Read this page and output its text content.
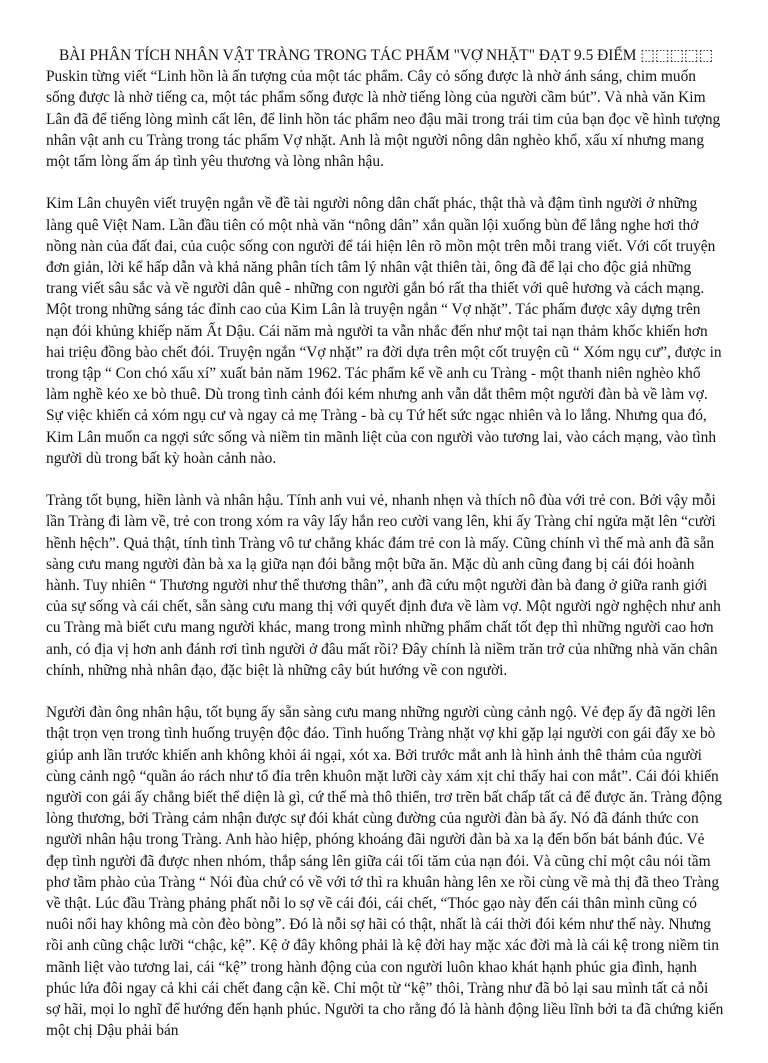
BÀI PHÂN TÍCH NHÂN VẬT TRÀNG TRONG TÁC PHẨM "VỢ NHẶT" ĐẠT 9.5 ĐIỂM ⬚⬚⬚⬚⬚

Puskin từng viết “Linh hồn là ấn tượng của một tác phẩm. Cây cỏ sống được là nhờ ánh sáng, chim muốn sống được là nhờ tiếng ca, một tác phẩm sống được là nhờ tiếng lòng của người cầm bút”. Và nhà văn Kim Lân đã để tiếng lòng mình cất lên, để linh hồn tác phẩm neo đậu mãi trong trái tim của bạn đọc về hình tượng nhân vật anh cu Tràng trong tác phẩm Vợ nhặt. Anh là một người nông dân nghèo khổ, xấu xí nhưng mang một tấm lòng ấm áp tình yêu thương và lòng nhân hậu.

Kim Lân chuyên viết truyện ngắn về đề tài người nông dân chất phác, thật thà và đậm tình người ở những làng quê Việt Nam. Lần đầu tiên có một nhà văn “nông dân” xắn quần lội xuống bùn để lắng nghe hơi thở nồng nàn của đất đai, của cuộc sống con người để tái hiện lên rõ mồn một trên mỗi trang viết. Với cốt truyện đơn giản, lời kể hấp dẫn và khả năng phân tích tâm lý nhân vật thiên tài, ông đã để lại cho độc giả những trang viết sâu sắc và về người dân quê - những con người gắn bó rất tha thiết với quê hương và cách mạng. Một trong những sáng tác đỉnh cao của Kim Lân là truyện ngắn “ Vợ nhặt”. Tác phẩm được xây dựng trên nạn đói khủng khiếp năm Ất Dậu. Cái năm mà người ta vẫn nhắc đến như một tai nạn thảm khốc khiến hơn hai triệu đồng bào chết đói. Truyện ngắn “Vợ nhặt” ra đời dựa trên một cốt truyện cũ “ Xóm ngụ cư”, được in trong tập “ Con chó xấu xí” xuất bản năm 1962. Tác phẩm kể về anh cu Tràng - một thanh niên nghèo khổ làm nghề kéo xe bò thuê. Dù trong tình cảnh đói kém nhưng anh vẫn dắt thêm một người đàn bà về làm vợ. Sự việc khiến cả xóm ngụ cư và ngay cả mẹ Tràng - bà cụ Tứ hết sức ngạc nhiên và lo lắng. Nhưng qua đó, Kim Lân muốn ca ngợi sức sống và niềm tin mãnh liệt của con người vào tương lai, vào cách mạng, vào tình người dù trong bất kỳ hoàn cảnh nào.

Tràng tốt bụng, hiền lành và nhân hậu. Tính anh vui vẻ, nhanh nhẹn và thích nô đùa với trẻ con. Bởi vậy mỗi lần Tràng đi làm về, trẻ con trong xóm ra vây lấy hắn reo cười vang lên, khi ấy Tràng chỉ ngửa mặt lên “cười hềnh hệch”. Quả thật, tính tình Tràng vô tư chẳng khác đám trẻ con là mấy. Cũng chính vì thế mà anh đã sẵn sàng cưu mang người đàn bà xa lạ giữa nạn đói bằng một bữa ăn. Mặc dù anh cũng đang bị cái đói hoành hành. Tuy nhiên “ Thương người như thể thương thân”, anh đã cứu một người đàn bà đang ở giữa ranh giới của sự sống và cái chết, sẵn sàng cưu mang thị với quyết định đưa về làm vợ. Một người ngờ nghệch như anh cu Tràng mà biết cưu mang người khác, mang trong mình những phẩm chất tốt đẹp thì những người cao hơn anh, có địa vị hơn anh đánh rơi tình người ở đâu mất rồi? Đây chính là niềm trăn trở của những nhà văn chân chính, những nhà nhân đạo, đặc biệt là những cây bút hướng về con người.

Người đàn ông nhân hậu, tốt bụng ấy sẵn sàng cưu mang những người cùng cảnh ngộ. Vẻ đẹp ấy đã ngời lên thật trọn vẹn trong tình huống truyện độc đáo. Tình huống Tràng nhặt vợ khi gặp lại người con gái đẩy xe bò giúp anh lần trước khiến anh không khỏi ái ngại, xót xa. Bởi trước mắt anh là hình ảnh thê thảm của người cùng cảnh ngộ “quần áo rách như tổ đỉa trên khuôn mặt lưỡi cày xám xịt chỉ thấy hai con mắt”. Cái đói khiến người con gái ấy chẳng biết thể diện là gì, cứ thế mà thô thiển, trơ trẽn bất chấp tất cả để được ăn. Tràng động lòng thương, bởi Tràng cảm nhận được sự đói khát cùng đường của người đàn bà ấy. Nó đã đánh thức con người nhân hậu trong Tràng. Anh hào hiệp, phóng khoáng đãi người đàn bà xa lạ đến bốn bát bánh đúc. Vẻ đẹp tình người đã được nhen nhóm, thắp sáng lên giữa cái tối tăm của nạn đói. Và cũng chỉ một câu nói tầm phơ tầm phào của Tràng “ Nói đùa chứ có về với tớ thì ra khuân hàng lên xe rồi cùng về mà thị đã theo Tràng về thật. Lúc đầu Tràng phảng phất nỗi lo sợ về cái đói, cái chết, “Thóc gạo này đến cái thân mình cũng có nuôi nổi hay không mà còn đèo bòng”. Đó là nỗi sợ hãi có thật, nhất là cái thời đói kém như thế này. Nhưng rồi anh cũng chậc lưỡi “chậc, kệ”. Kệ ở đây không phải là kệ đời hay mặc xác đời mà là cái kệ trong niềm tin mãnh liệt vào tương lai, cái “kệ” trong hành động của con người luôn khao khát hạnh phúc gia đình, hạnh phúc lứa đôi ngay cả khi cái chết đang cận kề. Chỉ một từ “kệ” thôi, Tràng như đã bỏ lại sau mình tất cả nỗi sợ hãi, mọi lo nghĩ để hướng đến hạnh phúc. Người ta cho rằng đó là hành động liều lĩnh bởi ta đã chứng kiến một chị Dậu phải bán
